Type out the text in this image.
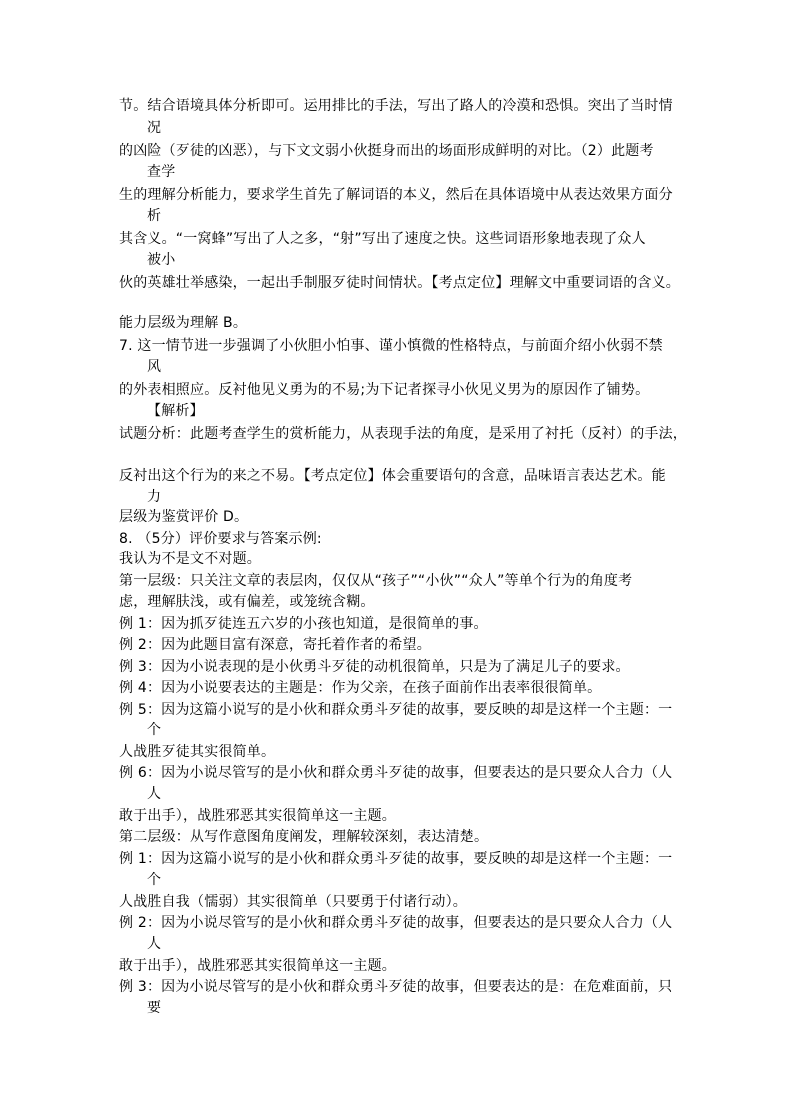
节。结合语境具体分析即可。运用排比的手法，写出了路人的冷漠和恐惧。突出了当时情
况
的凶险（歹徒的凶恶），与下文文弱小伙挺身而出的场面形成鲜明的对比。（2）此题考
查学
生的理解分析能力，要求学生首先了解词语的本义，然后在具体语境中从表达效果方面分
析
其含义。“一窝蜂”写出了人之多，“射”写出了速度之快。这些词语形象地表现了众人
被小
伙的英雄壮举感染，一起出手制服歹徒时间情状。【考点定位】理解文中重要词语的含义。
能力层级为理解 B。
7. 这一情节进一步强调了小伙胆小怕事、谨小慎微的性格特点，与前面介绍小伙弱不禁
风
的外表相照应。反衬他见义勇为的不易;为下记者探寻小伙见义男为的原因作了铺势。
【解析】
试题分析：此题考查学生的赏析能力，从表现手法的角度，是采用了衬托（反衬）的手法，
反衬出这个行为的来之不易。【考点定位】体会重要语句的含意，品味语言表达艺术。能
力
层级为鉴赏评价 D。
8. （5分）评价要求与答案示例:
我认为不是文不对题。
第一层级：只关注文章的表层肉，仅仅从“孩子”“小伙”“众人”等单个行为的角度考
虑，理解肤浅，或有偏差，或笼统含糊。
例 1：因为抓歹徒连五六岁的小孩也知道，是很简单的事。
例 2：因为此题目富有深意，寄托着作者的希望。
例 3：因为小说表现的是小伙勇斗歹徒的动机很简单，只是为了满足儿子的要求。
例 4：因为小说要表达的主题是：作为父亲，在孩子面前作出表率很很简单。
例 5：因为这篇小说写的是小伙和群众勇斗歹徒的故事，要反映的却是这样一个主题：一
个
人战胜歹徒其实很简单。
例 6：因为小说尽管写的是小伙和群众勇斗歹徒的故事，但要表达的是只要众人合力（人
人
敢于出手），战胜邪恶其实很简单这一主题。
第二层级：从写作意图角度阐发，理解较深刻，表达清楚。
例 1：因为这篇小说写的是小伙和群众勇斗歹徒的故事，要反映的却是这样一个主题：一
个
人战胜自我（懦弱）其实很简单（只要勇于付诸行动）。
例 2：因为小说尽管写的是小伙和群众勇斗歹徒的故事，但要表达的是只要众人合力（人
人
敢于出手），战胜邪恶其实很简单这一主题。
例 3：因为小说尽管写的是小伙和群众勇斗歹徒的故事，但要表达的是：在危难面前，只
要
